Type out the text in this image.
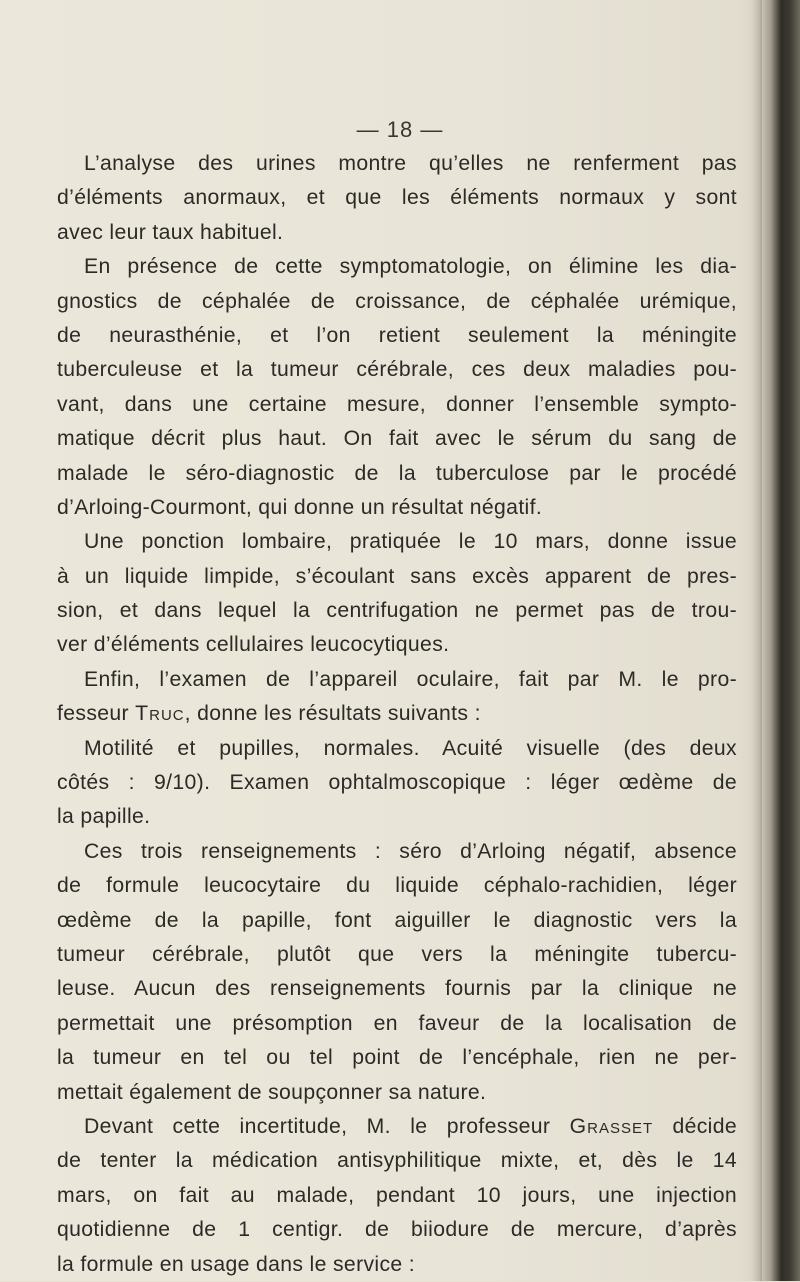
— 18 —
L’analyse des urines montre qu’elles ne renferment pas
d’éléments anormaux, et que les éléments normaux y sont
avec leur taux habituel.
En présence de cette symptomatologie, on élimine les dia-
gnostics de céphalée de croissance, de céphalée urémique,
de neurasthénie, et l’on retient seulement la méningite
tuberculeuse et la tumeur cérébrale, ces deux maladies pou-
vant, dans une certaine mesure, donner l’ensemble sympto-
matique décrit plus haut. On fait avec le sérum du sang de
malade le séro-diagnostic de la tuberculose par le procédé
d’Arloing-Courmont, qui donne un résultat négatif.
Une ponction lombaire, pratiquée le 10 mars, donne issue
à un liquide limpide, s’écoulant sans excès apparent de pres-
sion, et dans lequel la centrifugation ne permet pas de trou-
ver d’éléments cellulaires leucocytiques.
Enfin, l’examen de l’appareil oculaire, fait par M. le pro-
fesseur Truc, donne les résultats suivants :
Motilité et pupilles, normales. Acuité visuelle (des deux
côtés : 9/10). Examen ophtalmoscopique : léger œdème de
la papille.
Ces trois renseignements : séro d’Arloing négatif, absence
de formule leucocytaire du liquide céphalo-rachidien, léger
œdème de la papille, font aiguiller le diagnostic vers la
tumeur cérébrale, plutôt que vers la méningite tubercu-
leuse. Aucun des renseignements fournis par la clinique ne
permettait une présomption en faveur de la localisation de
la tumeur en tel ou tel point de l’encéphale, rien ne per-
mettait également de soupçonner sa nature.
Devant cette incertitude, M. le professeur Grasset décide
de tenter la médication antisyphilitique mixte, et, dès le 14
mars, on fait au malade, pendant 10 jours, une injection
quotidienne de 1 centigr. de biiodure de mercure, d’après
la formule en usage dans le service :
